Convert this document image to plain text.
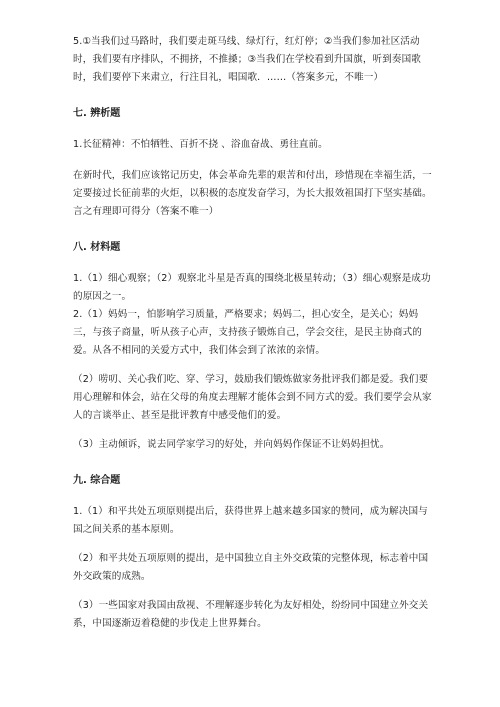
5.①当我们过马路时，我们要走斑马线、绿灯行，红灯停；②当我们参加社区活动时，我们要有序排队，不拥挤，不推搡；③当我们在学校看到升国旗，听到奏国歌时，我们要停下来肃立，行注目礼，唱国歌．……（答案多元，不唯一）

七. 辨析题

1.长征精神：不怕牺牲、百折不挠 、浴血奋战、勇往直前。

在新时代，我们应该铭记历史，体会革命先辈的艰苦和付出，珍惜现在幸福生活，一定要接过长征前辈的火炬，以积极的态度发奋学习，为长大报效祖国打下坚实基础。言之有理即可得分（答案不唯一）

八. 材料题

1.（1）细心观察；（2）观察北斗星是否真的围绕北极星转动；（3）细心观察是成功的原因之一。

2.（1）妈妈一，怕影响学习质量，严格要求；妈妈二，担心安全，是关心；妈妈三，与孩子商量，听从孩子心声，支持孩子锻炼自己，学会交往，是民主协商式的爱。从各不相同的关爱方式中，我们体会到了浓浓的亲情。

（2）唠叨、关心我们吃、穿、学习，鼓励我们锻炼做家务批评我们都是爱。我们要用心理解和体会，站在父母的角度去理解才能体会到不同方式的爱。我们要学会从家人的言谈举止、甚至是批评教育中感受他们的爱。

（3）主动倾诉，说去同学家学习的好处，并向妈妈作保证不让妈妈担忧。

九. 综合题

1.（1）和平共处五项原则提出后，获得世界上越来越多国家的赞同，成为解决国与国之间关系的基本原则。

（2）和平共处五项原则的提出，是中国独立自主外交政策的完整体现，标志着中国外交政策的成熟。

（3）一些国家对我国由敌视、不理解逐步转化为友好相处，纷纷同中国建立外交关系，中国逐渐迈着稳健的步伐走上世界舞台。
